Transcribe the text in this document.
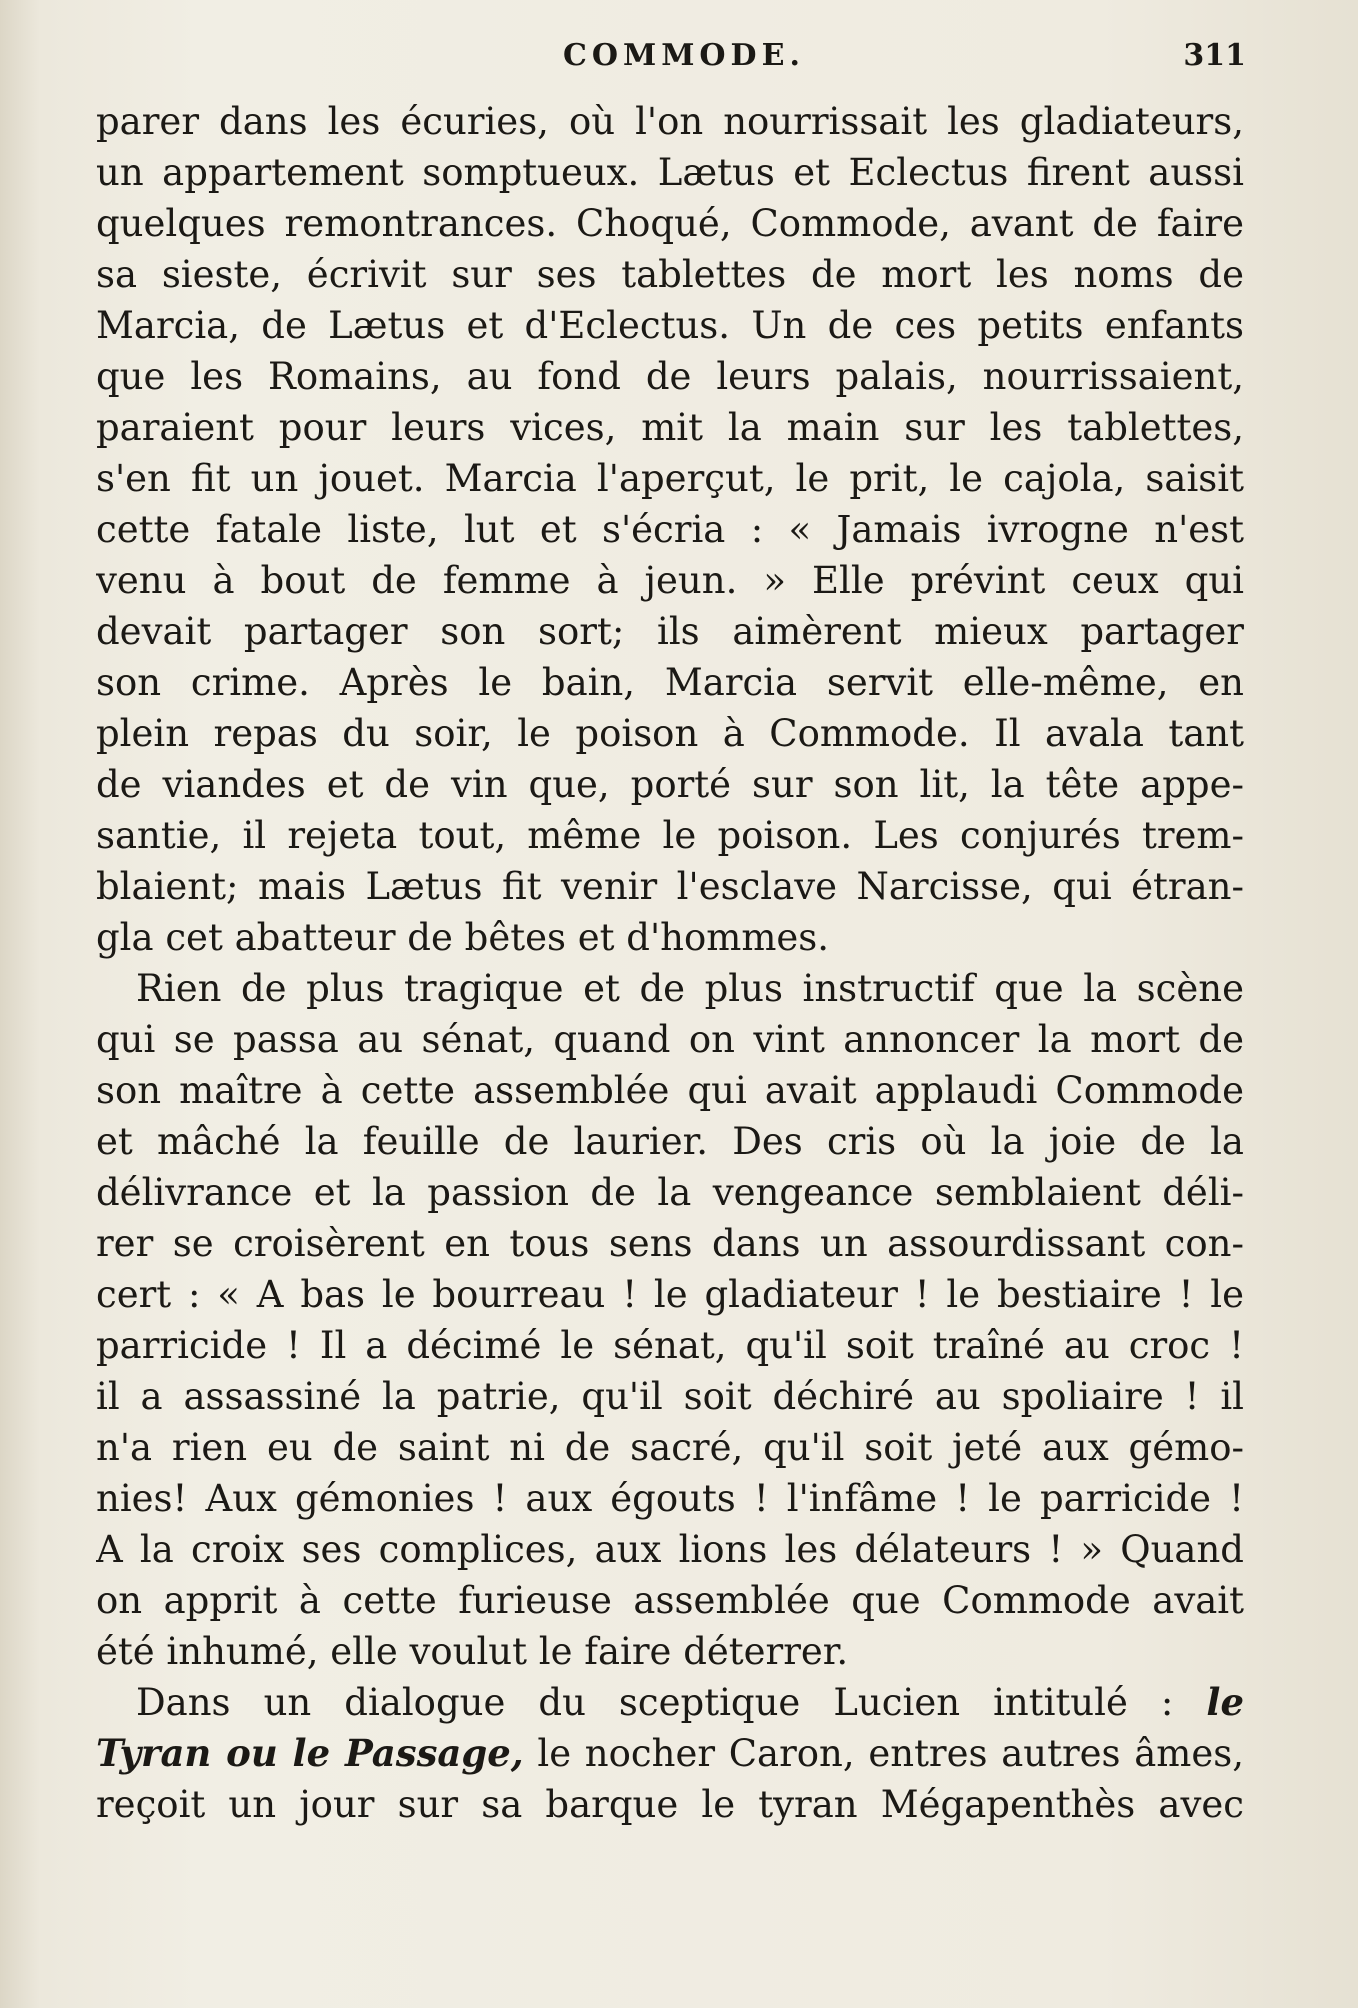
COMMODE.	311
parer dans les écuries, où l'on nourrissait les gladiateurs,
un appartement somptueux. Lætus et Eclectus firent aussi
quelques remontrances. Choqué, Commode, avant de faire
sa sieste, écrivit sur ses tablettes de mort les noms de
Marcia, de Lætus et d'Eclectus. Un de ces petits enfants
que les Romains, au fond de leurs palais, nourrissaient,
paraient pour leurs vices, mit la main sur les tablettes,
s'en fit un jouet. Marcia l'aperçut, le prit, le cajola, saisit
cette fatale liste, lut et s'écria : « Jamais ivrogne n'est
venu à bout de femme à jeun. » Elle prévint ceux qui
devait partager son sort; ils aimèrent mieux partager
son crime. Après le bain, Marcia servit elle-même, en
plein repas du soir, le poison à Commode. Il avala tant
de viandes et de vin que, porté sur son lit, la tête appe-
santie, il rejeta tout, même le poison. Les conjurés trem-
blaient; mais Lætus fit venir l'esclave Narcisse, qui étran-
gla cet abatteur de bêtes et d'hommes.
Rien de plus tragique et de plus instructif que la scène
qui se passa au sénat, quand on vint annoncer la mort de
son maître à cette assemblée qui avait applaudi Commode
et mâché la feuille de laurier. Des cris où la joie de la
délivrance et la passion de la vengeance semblaient déli-
rer se croisèrent en tous sens dans un assourdissant con-
cert : « A bas le bourreau ! le gladiateur ! le bestiaire ! le
parricide ! Il a décimé le sénat, qu'il soit traîné au croc !
il a assassiné la patrie, qu'il soit déchiré au spoliaire ! il
n'a rien eu de saint ni de sacré, qu'il soit jeté aux gémo-
nies! Aux gémonies ! aux égouts ! l'infâme ! le parricide !
A la croix ses complices, aux lions les délateurs ! » Quand
on apprit à cette furieuse assemblée que Commode avait
été inhumé, elle voulut le faire déterrer.
Dans un dialogue du sceptique Lucien intitulé : le
Tyran ou le Passage, le nocher Caron, entres autres âmes,
reçoit un jour sur sa barque le tyran Mégapenthès avec
